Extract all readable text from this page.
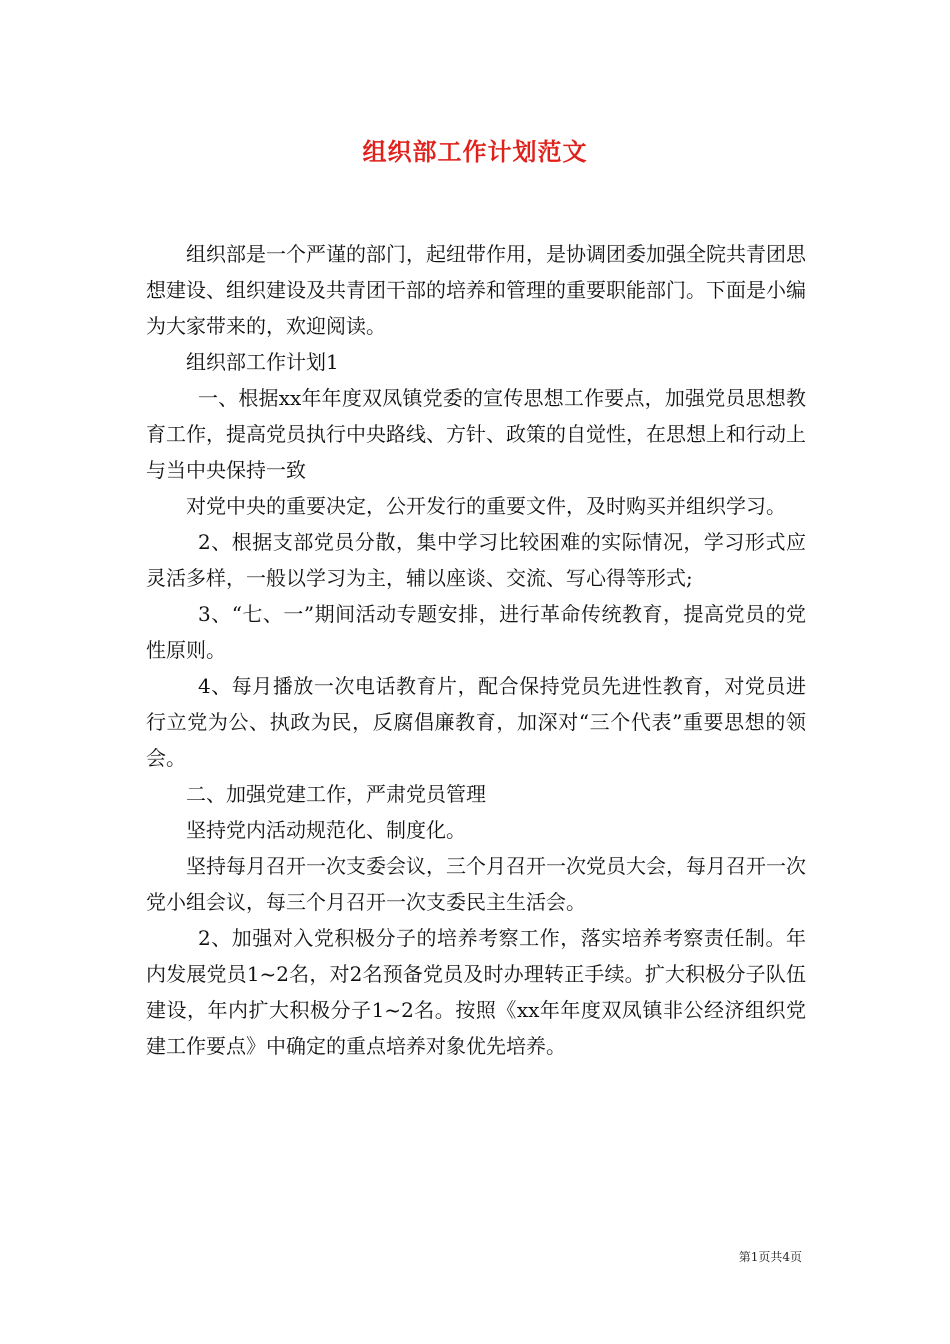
组织部工作计划范文

组织部是一个严谨的部门，起纽带作用，是协调团委加强全院共青团思想建设、组织建设及共青团干部的培养和管理的重要职能部门。下面是小编为大家带来的，欢迎阅读。

组织部工作计划1

一、根据xx年年度双凤镇党委的宣传思想工作要点，加强党员思想教育工作，提高党员执行中央路线、方针、政策的自觉性，在思想上和行动上与当中央保持一致

对党中央的重要决定，公开发行的重要文件，及时购买并组织学习。

2、根据支部党员分散，集中学习比较困难的实际情况，学习形式应灵活多样，一般以学习为主，辅以座谈、交流、写心得等形式;

3、“七、一”期间活动专题安排，进行革命传统教育，提高党员的党性原则。

4、每月播放一次电话教育片，配合保持党员先进性教育，对党员进行立党为公、执政为民，反腐倡廉教育，加深对“三个代表”重要思想的领会。

二、加强党建工作，严肃党员管理

坚持党内活动规范化、制度化。

坚持每月召开一次支委会议，三个月召开一次党员大会，每月召开一次党小组会议，每三个月召开一次支委民主生活会。

2、加强对入党积极分子的培养考察工作，落实培养考察责任制。年内发展党员1~2名，对2名预备党员及时办理转正手续。扩大积极分子队伍建设，年内扩大积极分子1~2名。按照《xx年年度双凤镇非公经济组织党建工作要点》中确定的重点培养对象优先培养。

第1页共4页
